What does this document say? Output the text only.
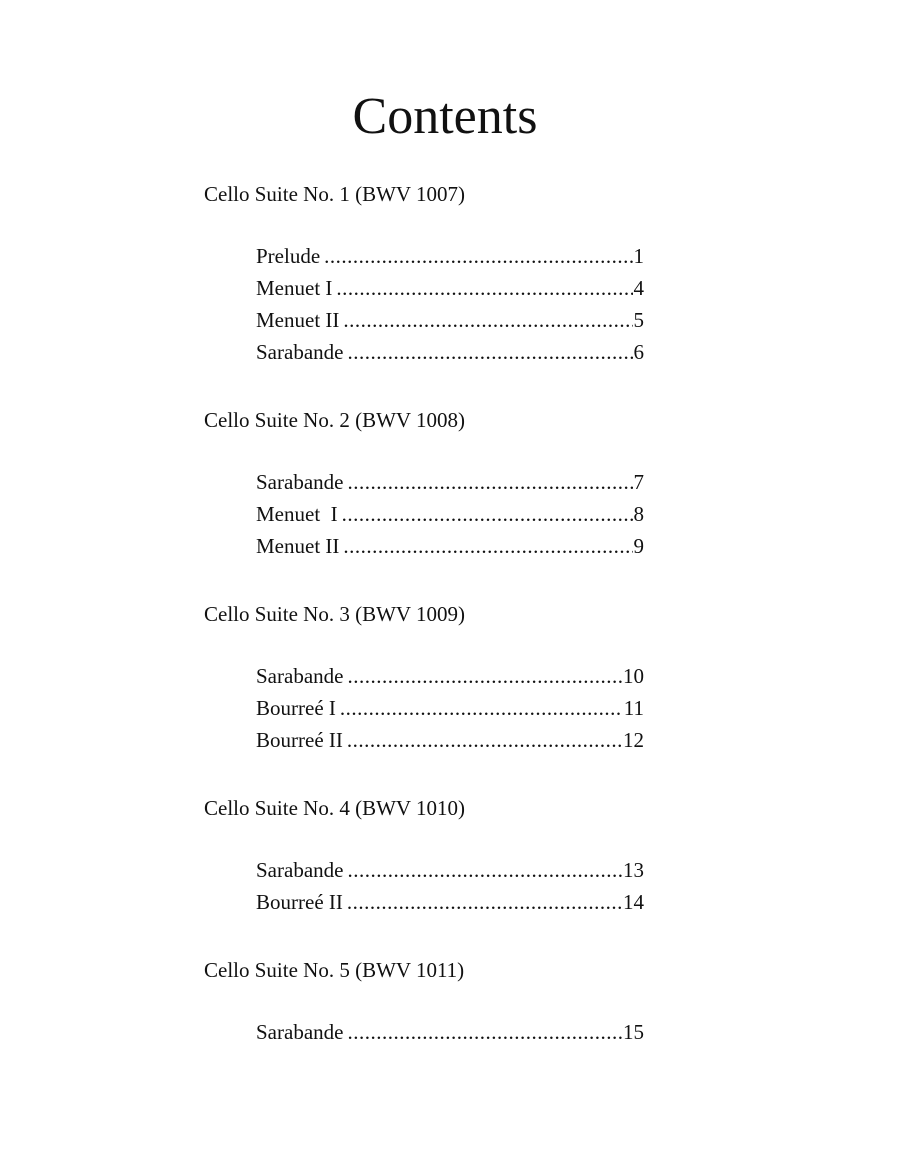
Contents
Cello Suite No. 1 (BWV 1007)
Prelude .....	1
Menuet I .....	4
Menuet II .....	5
Sarabande .....	6
Cello Suite No. 2 (BWV 1008)
Sarabande .....	7
Menuet  I .....	8
Menuet II .....	9
Cello Suite No. 3 (BWV 1009)
Sarabande .....	10
Bourreé I .....	11
Bourreé II .....	12
Cello Suite No. 4 (BWV 1010)
Sarabande .....	13
Bourreé II .....	14
Cello Suite No. 5 (BWV 1011)
Sarabande .....	15
